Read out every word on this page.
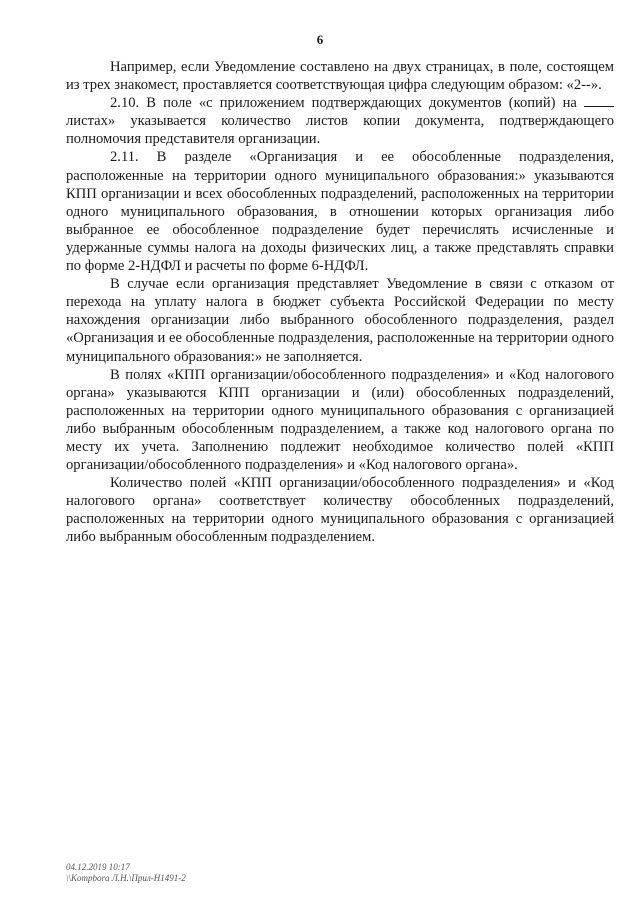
6

Например, если Уведомление составлено на двух страницах, в поле, состоящем из трех знакомест, проставляется соответствующая цифра следующим образом: «2--».

2.10. В поле «с приложением подтверждающих документов (копий) на  листах» указывается количество листов копии документа, подтверждающего полномочия представителя организации.

2.11. В разделе «Организация и ее обособленные подразделения, расположенные на территории одного муниципального образования:» указываются КПП организации и всех обособленных подразделений, расположенных на территории одного муниципального образования, в отношении которых организация либо выбранное ее обособленное подразделение будет перечислять исчисленные и удержанные суммы налога на доходы физических лиц, а также представлять справки по форме 2-НДФЛ и расчеты по форме 6-НДФЛ.

В случае если организация представляет Уведомление в связи с отказом от перехода на уплату налога в бюджет субъекта Российской Федерации по месту нахождения организации либо выбранного обособленного подразделения, раздел «Организация и ее обособленные подразделения, расположенные на территории одного муниципального образования:» не заполняется.

В полях «КПП организации/обособленного подразделения» и «Код налогового органа» указываются КПП организации и (или) обособленных подразделений, расположенных на территории одного муниципального образования с организацией либо выбранным обособленным подразделением, а также код налогового органа по месту их учета. Заполнению подлежит необходимое количество полей «КПП организации/обособленного подразделения» и «Код налогового органа».

Количество полей «КПП организации/обособленного подразделения» и «Код налогового органа» соответствует количеству обособленных подразделений, расположенных на территории одного муниципального образования с организацией либо выбранным обособленным подразделением.

04.12.2019 10:17
\\Kompbora Л.Н.\Прил-Н1491-2
